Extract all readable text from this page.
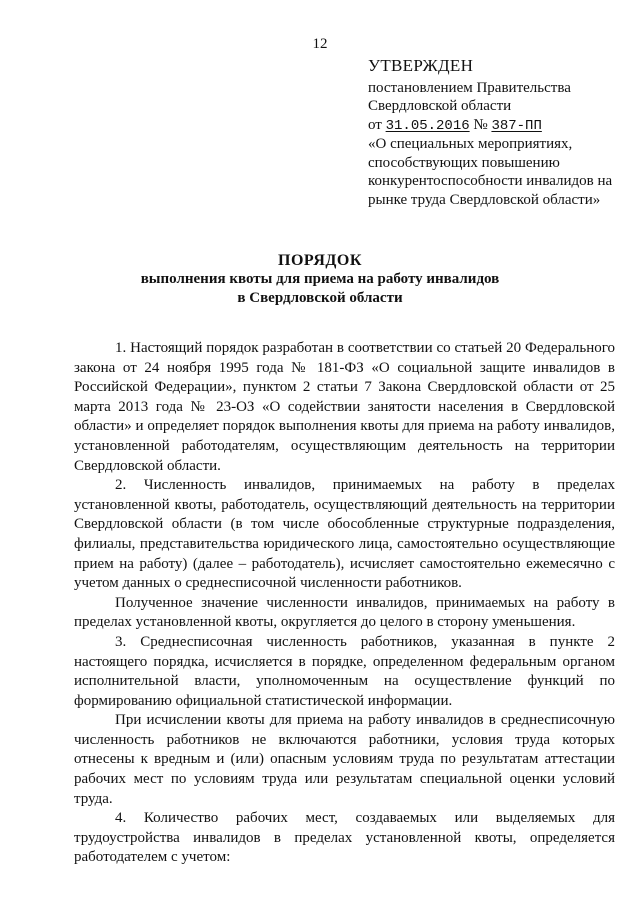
12
УТВЕРЖДЕН
постановлением Правительства
Свердловской области
от 31.05.2016 № 387-ПП
«О специальных мероприятиях, способствующих повышению конкурентоспособности инвалидов на рынке труда Свердловской области»
ПОРЯДОК
выполнения квоты для приема на работу инвалидов
в Свердловской области

1. Настоящий порядок разработан в соответствии со статьей 20 Федерального закона от 24 ноября 1995 года № 181-ФЗ «О социальной защите инвалидов в Российской Федерации», пунктом 2 статьи 7 Закона Свердловской области от 25 марта 2013 года № 23-ОЗ «О содействии занятости населения в Свердловской области» и определяет порядок выполнения квоты для приема на работу инвалидов, установленной работодателям, осуществляющим деятельность на территории Свердловской области.

2. Численность инвалидов, принимаемых на работу в пределах установленной квоты, работодатель, осуществляющий деятельность на территории Свердловской области (в том числе обособленные структурные подразделения, филиалы, представительства юридического лица, самостоятельно осуществляющие прием на работу) (далее – работодатель), исчисляет самостоятельно ежемесячно с учетом данных о среднесписочной численности работников.

Полученное значение численности инвалидов, принимаемых на работу в пределах установленной квоты, округляется до целого в сторону уменьшения.

3. Среднесписочная численность работников, указанная в пункте 2 настоящего порядка, исчисляется в порядке, определенном федеральным органом исполнительной власти, уполномоченным на осуществление функций по формированию официальной статистической информации.

При исчислении квоты для приема на работу инвалидов в среднесписочную численность работников не включаются работники, условия труда которых отнесены к вредным и (или) опасным условиям труда по результатам аттестации рабочих мест по условиям труда или результатам специальной оценки условий труда.

4. Количество рабочих мест, создаваемых или выделяемых для трудоустройства инвалидов в пределах установленной квоты, определяется работодателем с учетом:
